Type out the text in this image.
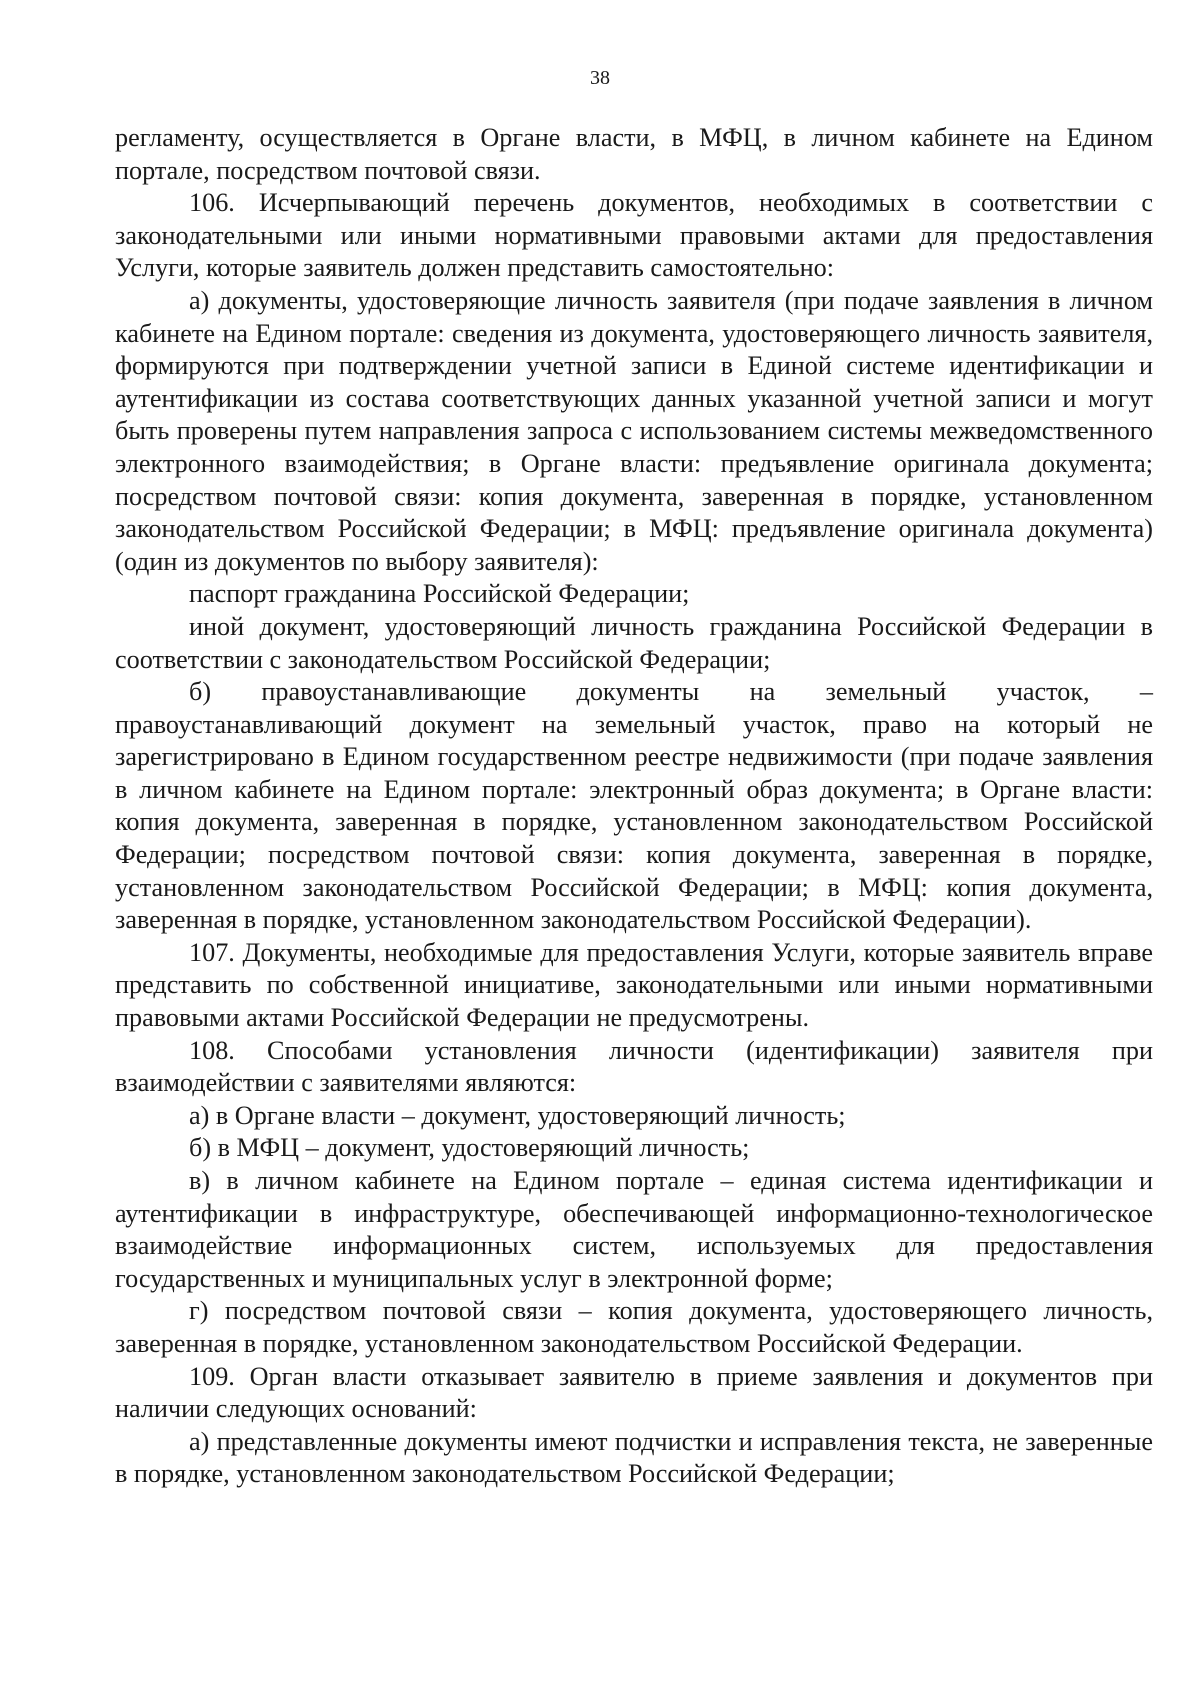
38

регламенту, осуществляется в Органе власти, в МФЦ, в личном кабинете на Едином портале, посредством почтовой связи.

106. Исчерпывающий перечень документов, необходимых в соответствии с законодательными или иными нормативными правовыми актами для предоставления Услуги, которые заявитель должен представить самостоятельно:

а) документы, удостоверяющие личность заявителя (при подаче заявления в личном кабинете на Едином портале: сведения из документа, удостоверяющего личность заявителя, формируются при подтверждении учетной записи в Единой системе идентификации и аутентификации из состава соответствующих данных указанной учетной записи и могут быть проверены путем направления запроса с использованием системы межведомственного электронного взаимодействия; в Органе власти: предъявление оригинала документа; посредством почтовой связи: копия документа, заверенная в порядке, установленном законодательством Российской Федерации; в МФЦ: предъявление оригинала документа) (один из документов по выбору заявителя):

паспорт гражданина Российской Федерации;

иной документ, удостоверяющий личность гражданина Российской Федерации в соответствии с законодательством Российской Федерации;

б) правоустанавливающие документы на земельный участок, – правоустанавливающий документ на земельный участок, право на который не зарегистрировано в Едином государственном реестре недвижимости (при подаче заявления в личном кабинете на Едином портале: электронный образ документа; в Органе власти: копия документа, заверенная в порядке, установленном законодательством Российской Федерации; посредством почтовой связи: копия документа, заверенная в порядке, установленном законодательством Российской Федерации; в МФЦ: копия документа, заверенная в порядке, установленном законодательством Российской Федерации).

107. Документы, необходимые для предоставления Услуги, которые заявитель вправе представить по собственной инициативе, законодательными или иными нормативными правовыми актами Российской Федерации не предусмотрены.

108. Способами установления личности (идентификации) заявителя при взаимодействии с заявителями являются:

а) в Органе власти – документ, удостоверяющий личность;

б) в МФЦ – документ, удостоверяющий личность;

в) в личном кабинете на Едином портале – единая система идентификации и аутентификации в инфраструктуре, обеспечивающей информационно-технологическое взаимодействие информационных систем, используемых для предоставления государственных и муниципальных услуг в электронной форме;

г) посредством почтовой связи – копия документа, удостоверяющего личность, заверенная в порядке, установленном законодательством Российской Федерации.

109. Орган власти отказывает заявителю в приеме заявления и документов при наличии следующих оснований:

а) представленные документы имеют подчистки и исправления текста, не заверенные в порядке, установленном законодательством Российской Федерации;
